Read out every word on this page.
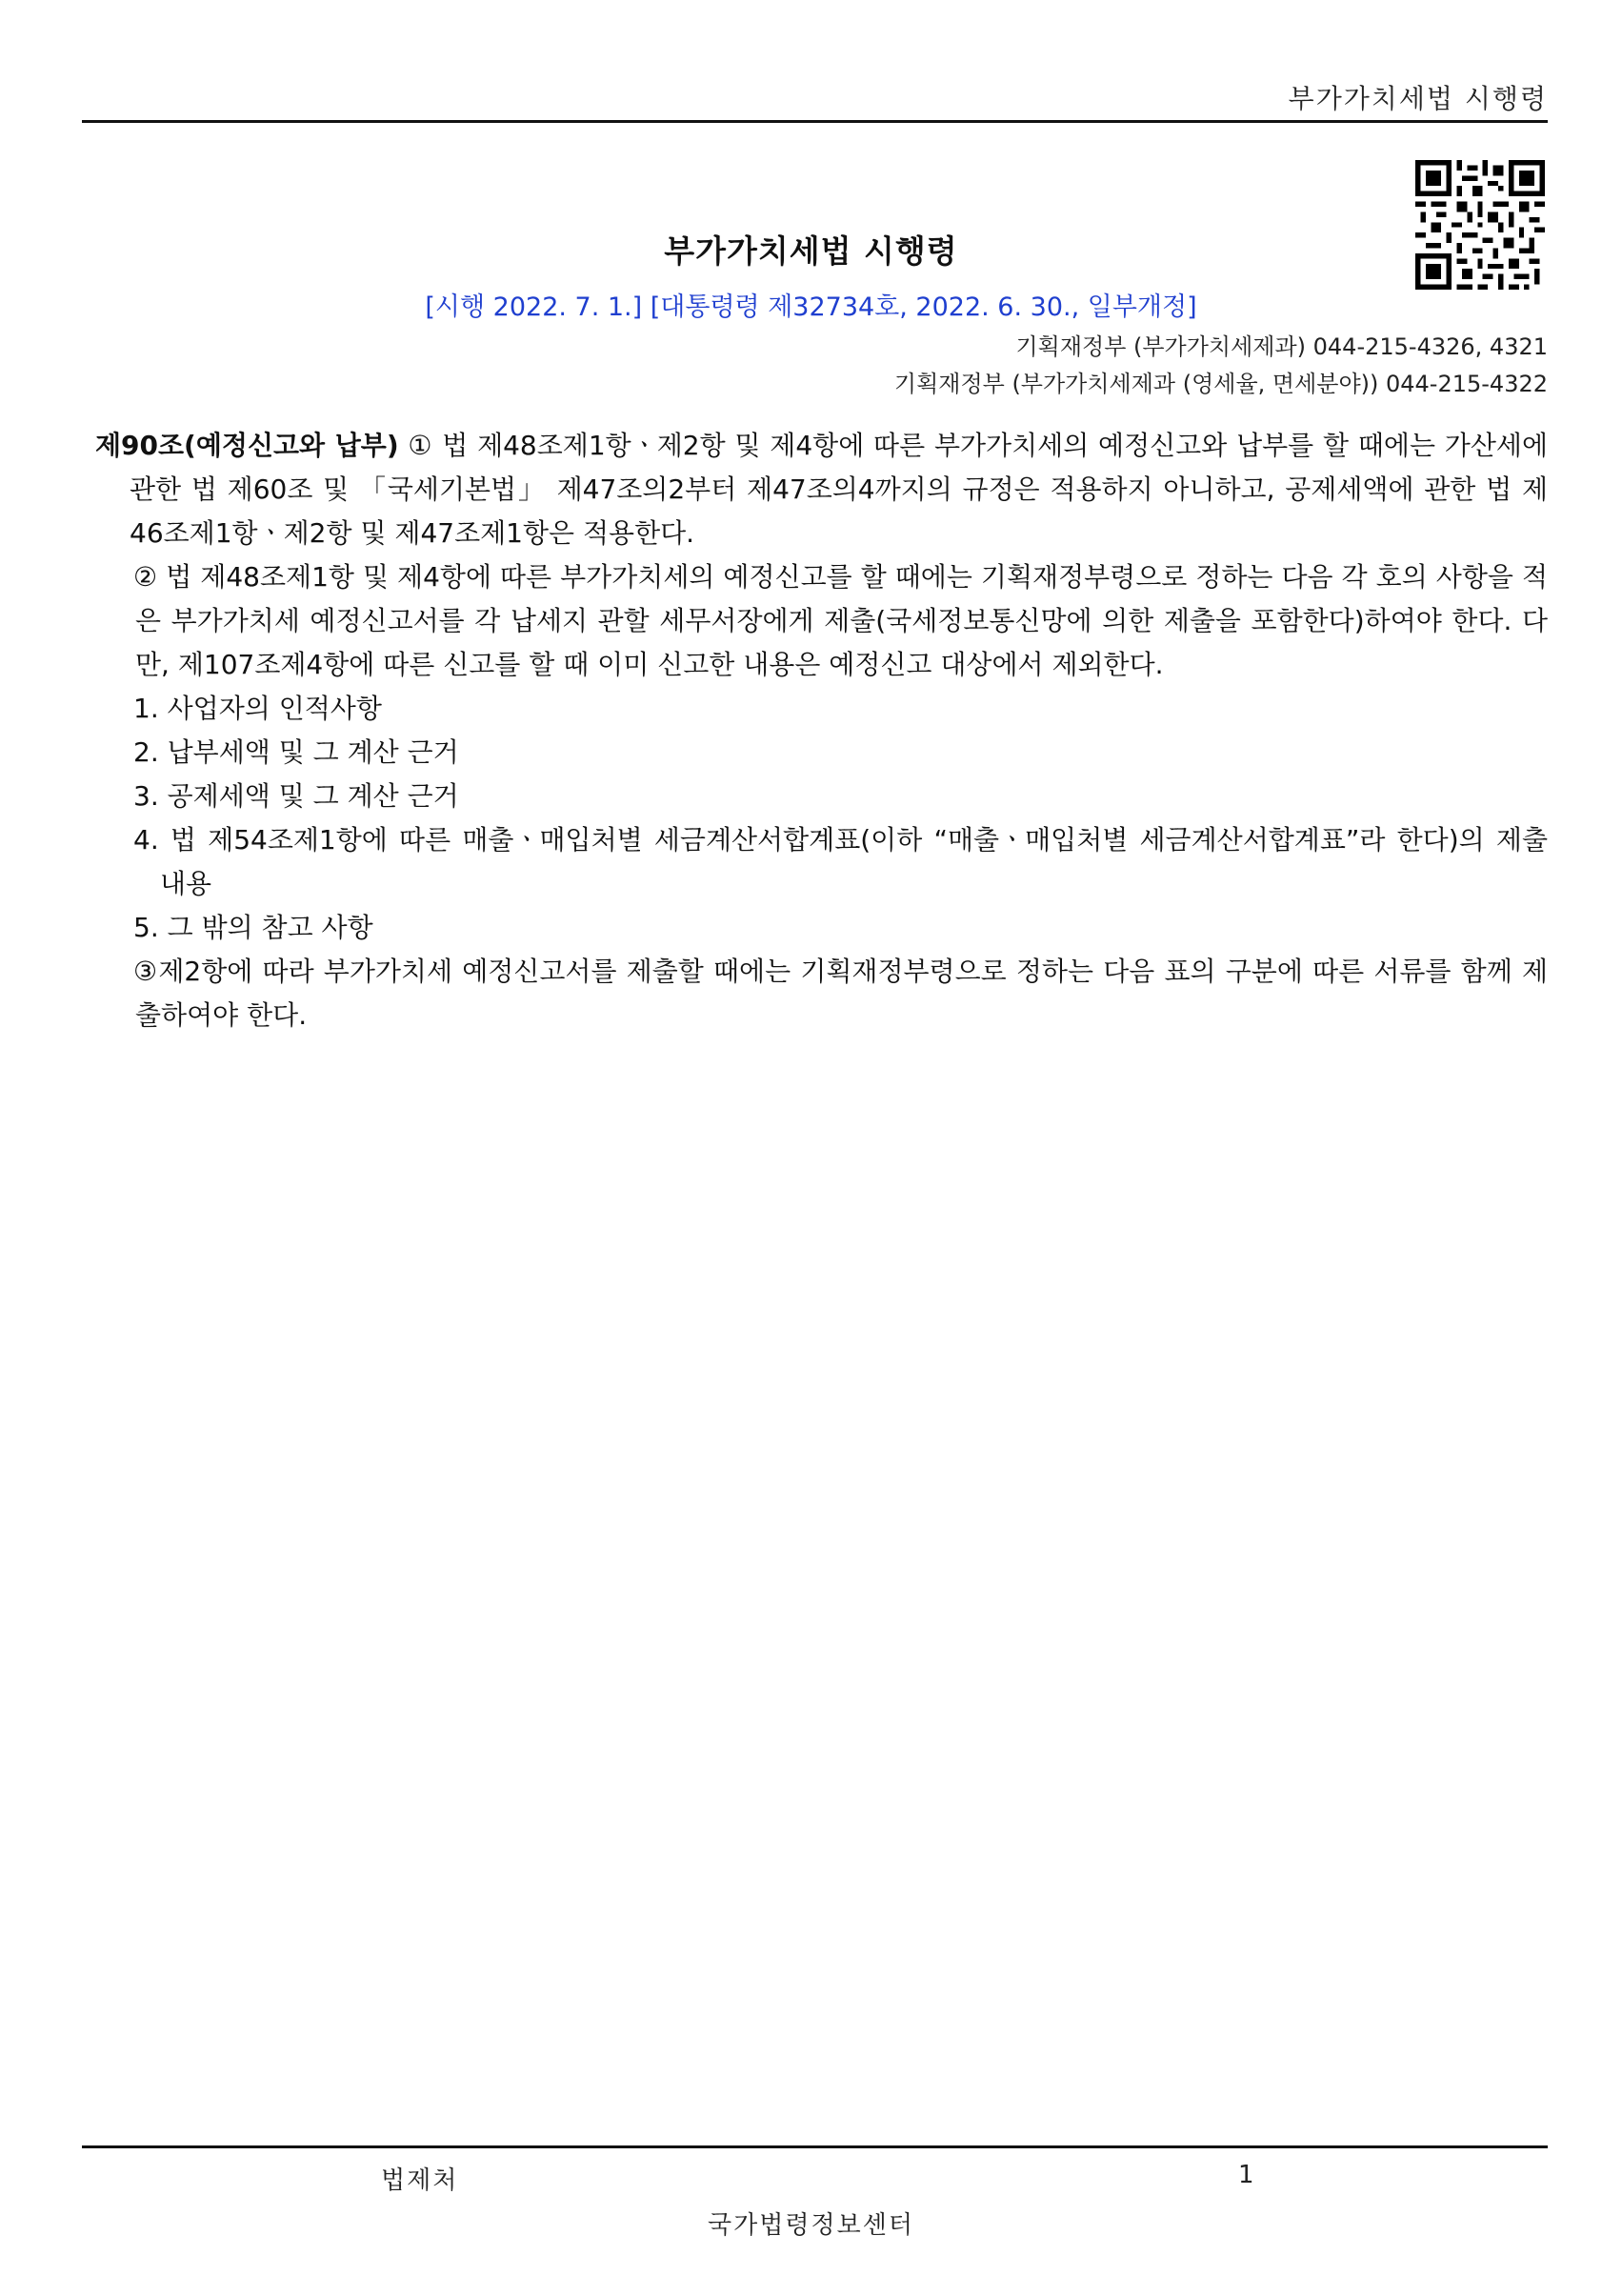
부가가치세법 시행령
부가가치세법 시행령
[시행 2022. 7. 1.] [대통령령 제32734호, 2022. 6. 30., 일부개정]
기획재정부 (부가가치세제과) 044-215-4326, 4321
기획재정부 (부가가치세제과 (영세율, 면세분야)) 044-215-4322

제90조(예정신고와 납부) ① 법 제48조제1항ㆍ제2항 및 제4항에 따른 부가가치세의 예정신고와 납부를 할 때에는 가산세에 관한 법 제60조 및 「국세기본법」 제47조의2부터 제47조의4까지의 규정은 적용하지 아니하고, 공제세액에 관한 법 제46조제1항ㆍ제2항 및 제47조제1항은 적용한다.

② 법 제48조제1항 및 제4항에 따른 부가가치세의 예정신고를 할 때에는 기획재정부령으로 정하는 다음 각 호의 사항을 적은 부가가치세 예정신고서를 각 납세지 관할 세무서장에게 제출(국세정보통신망에 의한 제출을 포함한다)하여야 한다. 다만, 제107조제4항에 따른 신고를 할 때 이미 신고한 내용은 예정신고 대상에서 제외한다.

1. 사업자의 인적사항

2. 납부세액 및 그 계산 근거

3. 공제세액 및 그 계산 근거

4. 법 제54조제1항에 따른 매출ㆍ매입처별 세금계산서합계표(이하 “매출ㆍ매입처별 세금계산서합계표”라 한다)의 제출 내용

5. 그 밖의 참고 사항

③제2항에 따라 부가가치세 예정신고서를 제출할 때에는 기획재정부령으로 정하는 다음 표의 구분에 따른 서류를 함께 제출하여야 한다.

법제처	1
국가법령정보센터
